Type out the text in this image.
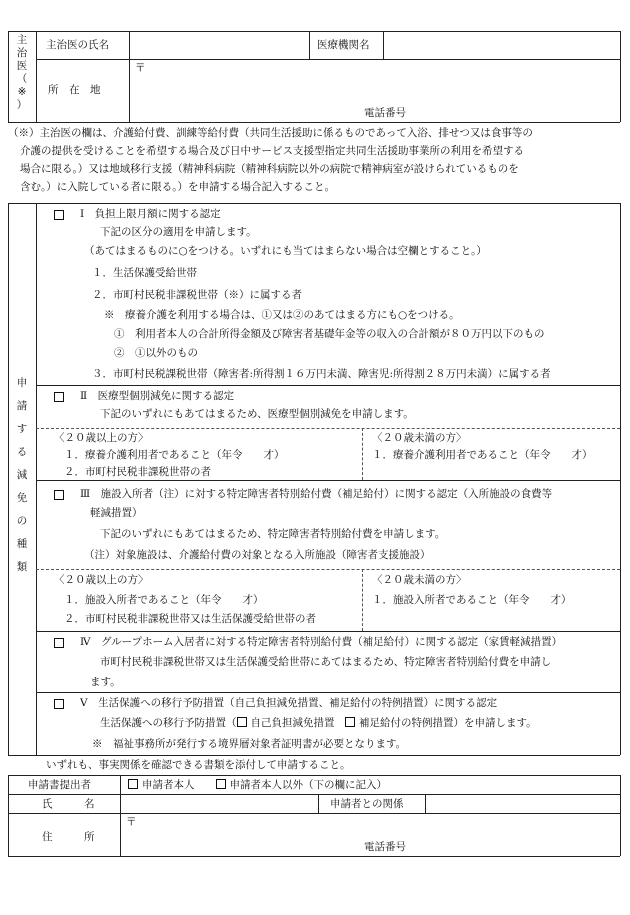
主
治
医
（
※
）
主治医の氏名	医療機関名
所　在　地
〒
電話番号
（※）主治医の欄は、介護給付費、訓練等給付費（共同生活援助に係るものであって入浴、排せつ又は食事等の
介護の提供を受けることを希望する場合及び日中サービス支援型指定共同生活援助事業所の利用を希望する
場合に限る。）又は地域移行支援（精神科病院（精神科病院以外の病院で精神病室が設けられているものを
含む。）に入院している者に限る。）を申請する場合記入すること。
申
請
す
る
減
免
の
種
類
Ⅰ　負担上限月額に関する認定
下記の区分の適用を申請します。
（あてはまるものに○をつける。いずれにも当てはまらない場合は空欄とすること。）
１．生活保護受給世帯
２．市町村民税非課税世帯（※）に属する者
※　療養介護を利用する場合は、①又は②のあてはまる方にも○をつける。
①　利用者本人の合計所得金額及び障害者基礎年金等の収入の合計額が８０万円以下のもの
②　①以外のもの
３．市町村民税課税世帯（障害者:所得割１６万円未満、障害児:所得割２８万円未満）に属する者
Ⅱ　医療型個別減免に関する認定
下記のいずれにもあてはまるため、医療型個別減免を申請します。
〈２０歳以上の方〉
１．療養介護利用者であること（年令　　才）
２．市町村民税非課税世帯の者
〈２０歳未満の方〉
１．療養介護利用者であること（年令　　才）
Ⅲ　施設入所者（注）に対する特定障害者特別給付費（補足給付）に関する認定（入所施設の食費等
軽減措置）
下記のいずれにもあてはまるため、特定障害者特別給付費を申請します。
（注）対象施設は、介護給付費の対象となる入所施設（障害者支援施設）
〈２０歳以上の方〉
１．施設入所者であること（年令　　才）
２．市町村民税非課税世帯又は生活保護受給世帯の者
〈２０歳未満の方〉
１．施設入所者であること（年令　　才）
Ⅳ　グループホーム入居者に対する特定障害者特別給付費（補足給付）に関する認定（家賃軽減措置）
市町村民税非課税世帯又は生活保護受給世帯にあてはまるため、特定障害者特別給付費を申請し
ます。
Ⅴ　生活保護への移行予防措置（自己負担減免措置、補足給付の特例措置）に関する認定
生活保護への移行予防措置（ 自己負担減免措置　 補足給付の特例措置）を申請します。
※　福祉事務所が発行する境界層対象者証明書が必要となります。
いずれも、事実関係を確認できる書類を添付して申請すること。
申請書提出者	申請者本人　　	申請者本人以外（下の欄に記入）
氏　　　名	申請者との関係
住　　　所
〒
電話番号
